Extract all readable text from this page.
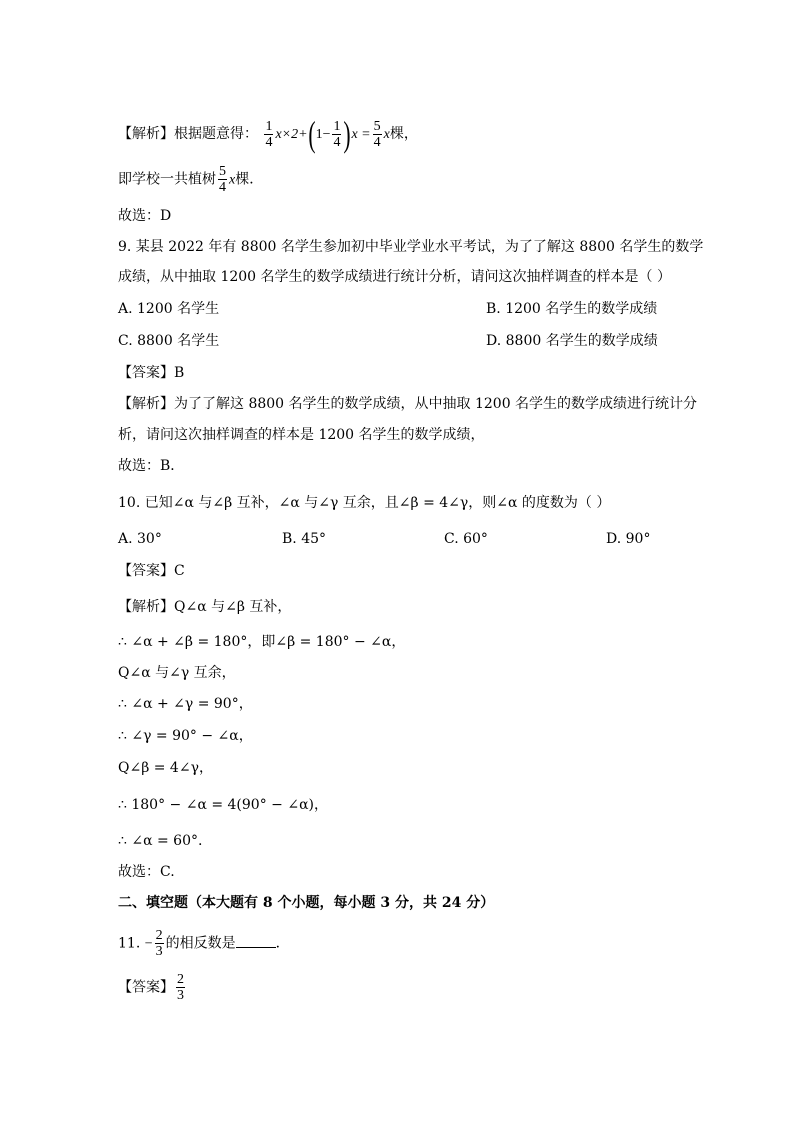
【解析】根据题意得： $\frac{1}{4} x\times 2+(1- \frac{1}{4} )x = \frac{5}{4}$ x棵，
即学校一共植树 $\frac{5}{4}$ x棵．
故选：D
9. 某县 2022 年有 8800 名学生参加初中毕业学业水平考试，为了了解这 8800 名学生的数学
成绩，从中抽取 1200 名学生的数学成绩进行统计分析，请问这次抽样调查的样本是（ ）
A. 1200 名学生	B. 1200 名学生的数学成绩
C. 8800 名学生	D. 8800 名学生的数学成绩
【答案】B
【解析】为了了解这 8800 名学生的数学成绩，从中抽取 1200 名学生的数学成绩进行统计分
析，请问这次抽样调查的样本是 1200 名学生的数学成绩，
故选：B．
10. 已知∠α 与∠β 互补，∠α 与∠γ 互余，且∠β = 4∠γ，则∠α 的度数为（ ）
A. 30°	B. 45°	C. 60°	D. 90°
【答案】C
【解析】Q∠α 与∠β 互补，
∴ ∠α + ∠β = 180°，即∠β = 180° − ∠α，
Q∠α 与∠γ 互余，
∴ ∠α + ∠γ = 90°，
∴ ∠γ = 90° − ∠α，
Q∠β = 4∠γ，
∴ 180° − ∠α = 4(90° − ∠α)，
∴ ∠α = 60°.
故选：C.
二、填空题（本大题有 8 个小题，每小题 3 分，共 24 分）
11. − $\frac{2}{3}$ 的相反数是	．
【答案】 $\frac{2}{3}$
